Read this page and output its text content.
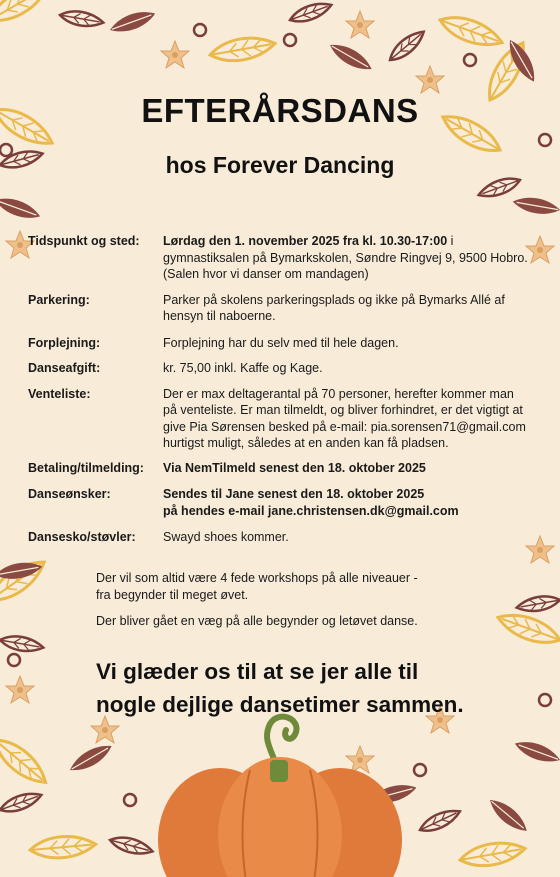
EFTERÅRSDANS
hos Forever Dancing
Tidspunkt og sted:	Lørdag den 1. november 2025 fra kl. 10.30-17:00 i
gymnastiksalen på Bymarkskolen, Søndre Ringvej 9, 9500 Hobro.
(Salen hvor vi danser om mandagen)
Parkering:	Parker på skolens parkeringsplads og ikke på Bymarks Allé af
hensyn til naboerne.
Forplejning:	Forplejning har du selv med til hele dagen.
Danseafgift:	kr. 75,00 inkl. Kaffe og Kage.
Venteliste:	Der er max deltagerantal på 70 personer, herefter kommer man
på venteliste. Er man tilmeldt, og bliver forhindret, er det vigtigt at
give Pia Sørensen besked på e-mail: pia.sorensen71@gmail.com
hurtigst muligt, således at en anden kan få pladsen.
Betaling/tilmelding:	Via NemTilmeld senest den 18. oktober 2025
Danseønsker:	Sendes til Jane senest den 18. oktober 2025
på hendes e-mail jane.christensen.dk@gmail.com
Dansesko/støvler:	Swayd shoes kommer.
Der vil som altid være 4 fede workshops på alle niveauer -
fra begynder til meget øvet.
Der bliver gået en væg på alle begynder og letøvet danse.
Vi glæder os til at se jer alle til
nogle dejlige dansetimer sammen.
